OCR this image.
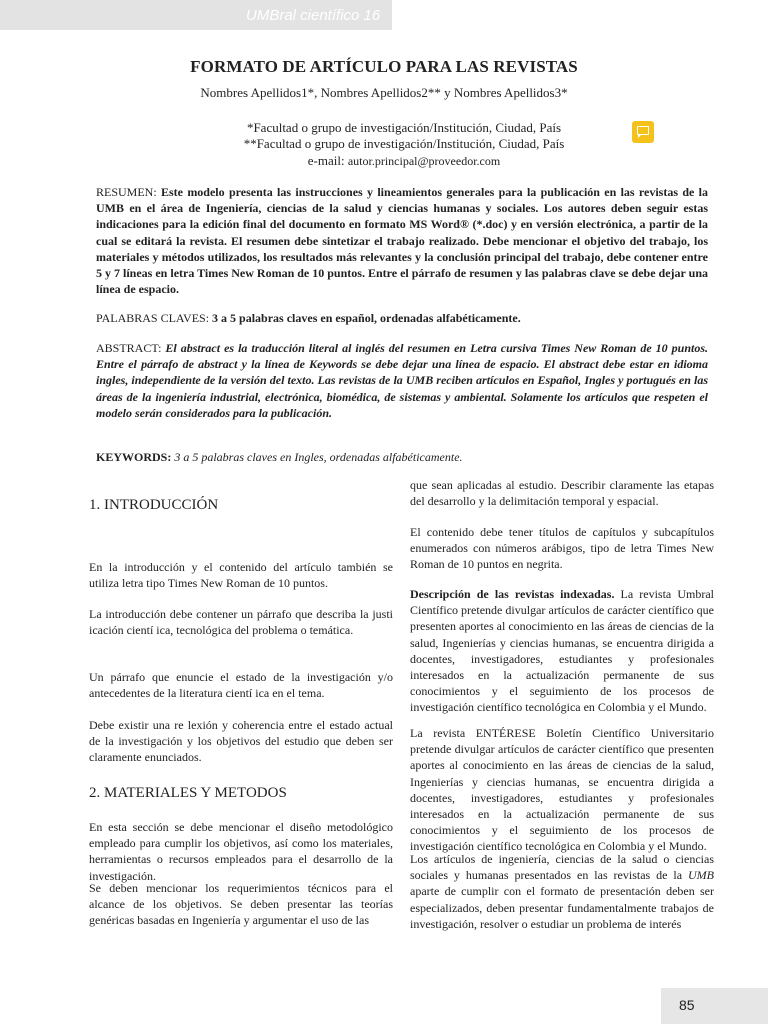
UMBral científico 16
FORMATO DE ARTÍCULO PARA LAS REVISTAS
Nombres Apellidos1*, Nombres Apellidos2** y Nombres Apellidos3*
*Facultad o grupo de investigación/Institución, Ciudad, País
**Facultad o grupo de investigación/Institución, Ciudad, País
e-mail: autor.principal@proveedor.com
RESUMEN: Este modelo presenta las instrucciones y lineamientos generales para la publicación en las revistas de la UMB en el área de Ingeniería, ciencias de la salud y ciencias humanas y sociales. Los autores deben seguir estas indicaciones para la edición final del documento en formato MS Word® (*.doc) y en versión electrónica, a partir de la cual se editará la revista. El resumen debe sintetizar el trabajo realizado. Debe mencionar el objetivo del trabajo, los materiales y métodos utilizados, los resultados más relevantes y la conclusión principal del trabajo, debe contener entre 5 y 7 líneas en letra Times New Roman de 10 puntos. Entre el párrafo de resumen y las palabras clave se debe dejar una línea de espacio.
PALABRAS CLAVES: 3 a 5 palabras claves en español, ordenadas alfabéticamente.
ABSTRACT: El abstract es la traducción literal al inglés del resumen en Letra cursiva Times New Roman de 10 puntos. Entre el párrafo de abstract y la línea de Keywords se debe dejar una línea de espacio. El abstract debe estar en idioma ingles, independiente de la versión del texto. Las revistas de la UMB reciben artículos en Español, Ingles y portugués en las áreas de la ingeniería industrial, electrónica, biomédica, de sistemas y ambiental. Solamente los artículos que respeten el modelo serán considerados para la publicación.
KEYWORDS: 3 a 5 palabras claves en Ingles, ordenadas alfabéticamente.
1. INTRODUCCIÓN
En la introducción y el contenido del artículo también se utiliza letra tipo Times New Roman de 10 puntos.
La introducción debe contener un párrafo que describa la justi icación cientí ica, tecnológica del problema o temática.
Un párrafo que enuncie el estado de la investigación y/o antecedentes de la literatura cientí ica en el tema.
Debe existir una re lexión y coherencia entre el estado actual de la investigación y los objetivos del estudio que deben ser claramente enunciados.
2. MATERIALES Y METODOS
En esta sección se debe mencionar el diseño metodológico empleado para cumplir los objetivos, así como los materiales, herramientas o recursos empleados para el desarrollo de la investigación.
Se deben mencionar los requerimientos técnicos para el alcance de los objetivos. Se deben presentar las teorías genéricas basadas en Ingeniería y argumentar el uso de las
que sean aplicadas al estudio. Describir claramente las etapas del desarrollo y la delimitación temporal y espacial.
El contenido debe tener títulos de capítulos y subcapítulos enumerados con números arábigos, tipo de letra Times New Roman de 10 puntos en negrita.
Descripción de las revistas indexadas. La revista Umbral Científico pretende divulgar artículos de carácter científico que presenten aportes al conocimiento en las áreas de ciencias de la salud, Ingenierías y ciencias humanas, se encuentra dirigida a docentes, investigadores, estudiantes y profesionales interesados en la actualización permanente de sus conocimientos y el seguimiento de los procesos de investigación científico tecnológica en Colombia y el Mundo.
La revista ENTÉRESE Boletín Científico Universitario pretende divulgar artículos de carácter científico que presenten aportes al conocimiento en las áreas de ciencias de la salud, Ingenierías y ciencias humanas, se encuentra dirigida a docentes, investigadores, estudiantes y profesionales interesados en la actualización permanente de sus conocimientos y el seguimiento de los procesos de investigación científico tecnológica en Colombia y el Mundo.
Los artículos de ingeniería, ciencias de la salud o ciencias sociales y humanas presentados en las revistas de la UMB aparte de cumplir con el formato de presentación deben ser especializados, deben presentar fundamentalmente trabajos de investigación, resolver o estudiar un problema de interés
85
